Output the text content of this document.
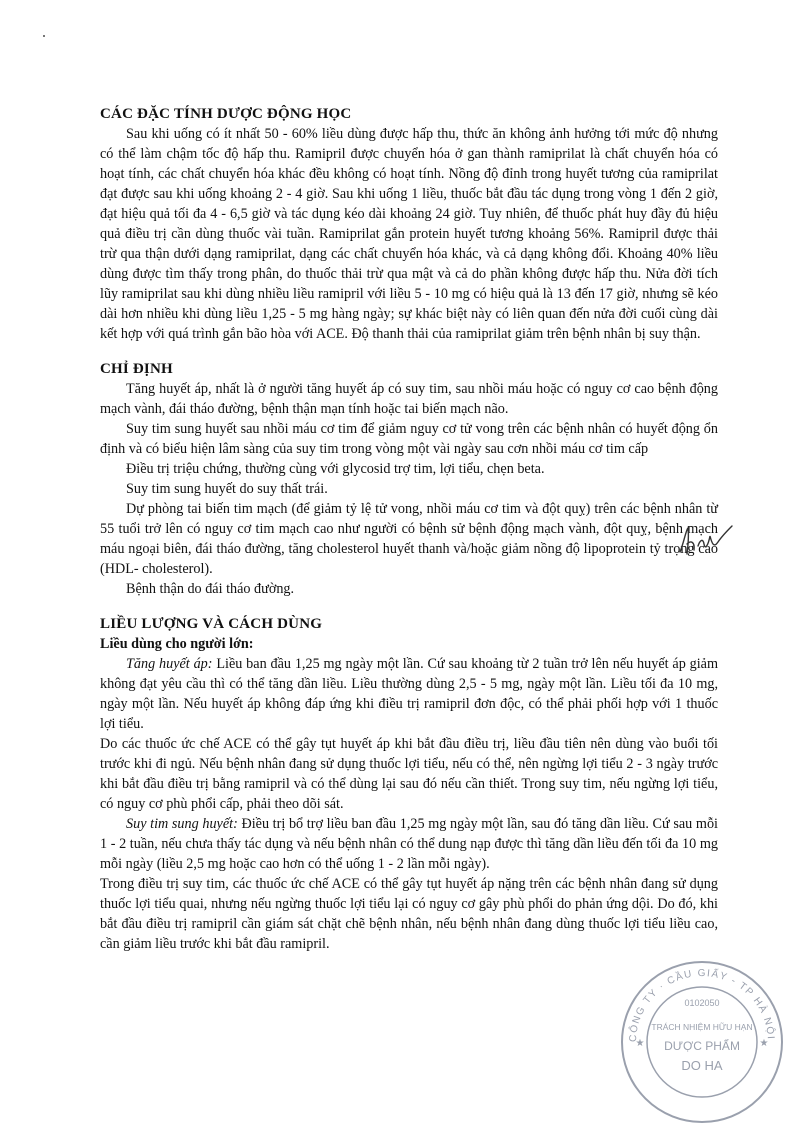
CÁC ĐẶC TÍNH DƯỢC ĐỘNG HỌC

Sau khi uống có ít nhất 50 - 60% liều dùng được hấp thu, thức ăn không ảnh hưởng tới mức độ nhưng có thể làm chậm tốc độ hấp thu. Ramipril được chuyển hóa ở gan thành ramiprilat là chất chuyển hóa có hoạt tính, các chất chuyển hóa khác đều không có hoạt tính. Nồng độ đỉnh trong huyết tương của ramiprilat đạt được sau khi uống khoảng 2 - 4 giờ. Sau khi uống 1 liều, thuốc bắt đầu tác dụng trong vòng 1 đến 2 giờ, đạt hiệu quả tối đa 4 - 6,5 giờ và tác dụng kéo dài khoảng 24 giờ. Tuy nhiên, để thuốc phát huy đầy đủ hiệu quả điều trị cần dùng thuốc vài tuần. Ramiprilat gắn protein huyết tương khoảng 56%. Ramipril được thải trừ qua thận dưới dạng ramiprilat, dạng các chất chuyển hóa khác, và cả dạng không đổi. Khoảng 40% liều dùng được tìm thấy trong phân, do thuốc thải trừ qua mật và cả do phần không được hấp thu. Nửa đời tích lũy ramiprilat sau khi dùng nhiều liều ramipril với liều 5 - 10 mg có hiệu quả là 13 đến 17 giờ, nhưng sẽ kéo dài hơn nhiều khi dùng liều 1,25 - 5 mg hàng ngày; sự khác biệt này có liên quan đến nửa đời cuối cùng dài kết hợp với quá trình gắn bão hòa với ACE. Độ thanh thải của ramiprilat giảm trên bệnh nhân bị suy thận.

CHỈ ĐỊNH

Tăng huyết áp, nhất là ở người tăng huyết áp có suy tim, sau nhồi máu hoặc có nguy cơ cao bệnh động mạch vành, đái tháo đường, bệnh thận mạn tính hoặc tai biến mạch não.

Suy tim sung huyết sau nhồi máu cơ tim để giảm nguy cơ tử vong trên các bệnh nhân có huyết động ổn định và có biểu hiện lâm sàng của suy tim trong vòng một vài ngày sau cơn nhồi máu cơ tim cấp

Điều trị triệu chứng, thường cùng với glycosid trợ tim, lợi tiểu, chẹn beta.

Suy tim sung huyết do suy thất trái.

Dự phòng tai biến tim mạch (để giảm tỷ lệ tử vong, nhồi máu cơ tim và đột quỵ) trên các bệnh nhân từ 55 tuổi trở lên có nguy cơ tim mạch cao như người có bệnh sử bệnh động mạch vành, đột quỵ, bệnh mạch máu ngoại biên, đái tháo đường, tăng cholesterol huyết thanh và/hoặc giảm nồng độ lipoprotein tỷ trọng cao (HDL- cholesterol).

Bệnh thận do đái tháo đường.

LIỀU LƯỢNG VÀ CÁCH DÙNG

Liều dùng cho người lớn:

Tăng huyết áp: Liều ban đầu 1,25 mg ngày một lần. Cứ sau khoảng từ 2 tuần trở lên nếu huyết áp giảm không đạt yêu cầu thì có thể tăng dần liều. Liều thường dùng 2,5 - 5 mg, ngày một lần. Liều tối đa 10 mg, ngày một lần. Nếu huyết áp không đáp ứng khi điều trị ramipril đơn độc, có thể phải phối hợp với 1 thuốc lợi tiểu.

Do các thuốc ức chế ACE có thể gây tụt huyết áp khi bắt đầu điều trị, liều đầu tiên nên dùng vào buổi tối trước khi đi ngủ. Nếu bệnh nhân đang sử dụng thuốc lợi tiểu, nếu có thể, nên ngừng lợi tiểu 2 - 3 ngày trước khi bắt đầu điều trị bằng ramipril và có thể dùng lại sau đó nếu cần thiết. Trong suy tim, nếu ngừng lợi tiểu, có nguy cơ phù phổi cấp, phải theo dõi sát.

Suy tim sung huyết: Điều trị bổ trợ liều ban đầu 1,25 mg ngày một lần, sau đó tăng dần liều. Cứ sau mỗi 1 - 2 tuần, nếu chưa thấy tác dụng và nếu bệnh nhân có thể dung nạp được thì tăng dần liều đến tối đa 10 mg mỗi ngày (liều 2,5 mg hoặc cao hơn có thể uống 1 - 2 lần mỗi ngày).

Trong điều trị suy tim, các thuốc ức chế ACE có thể gây tụt huyết áp nặng trên các bệnh nhân đang sử dụng thuốc lợi tiểu quai, nhưng nếu ngừng thuốc lợi tiểu lại có nguy cơ gây phù phổi do phản ứng dội. Do đó, khi bắt đầu điều trị ramipril cần giám sát chặt chẽ bệnh nhân, nếu bệnh nhân đang dùng thuốc lợi tiểu liều cao, cần giảm liều trước khi bắt đầu ramipril.

CÔNG TY · CẦU GIẤY - TP HÀ NỘI
0102050
TRÁCH NHIỆM HỮU HẠN
DƯỢC PHẨM
DO HA
★	★
